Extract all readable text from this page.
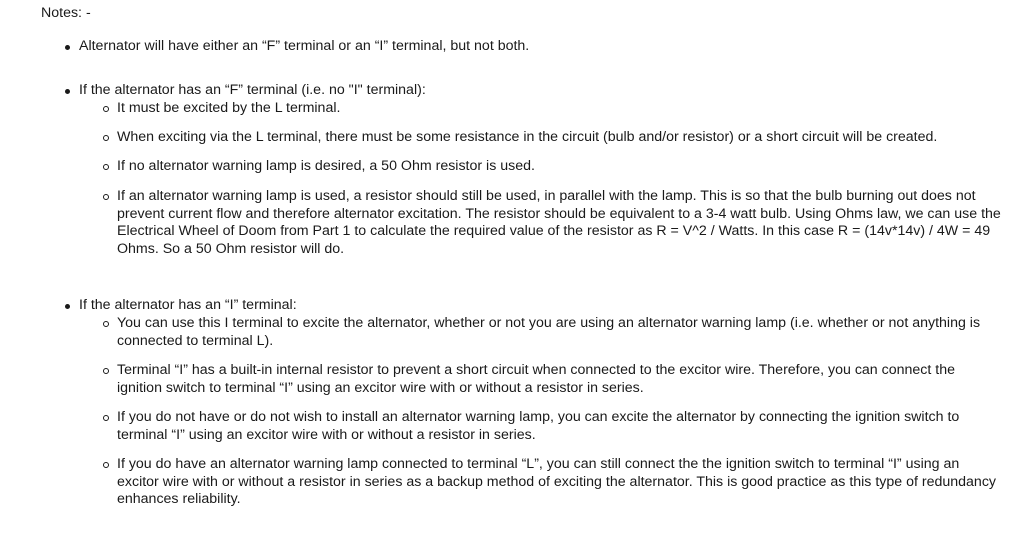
Notes: -

Alternator will have either an “F” terminal or an “I” terminal, but not both.

If the alternator has an “F” terminal (i.e. no "I" terminal):

It must be excited by the L terminal.

When exciting via the L terminal, there must be some resistance in the circuit (bulb and/or resistor) or a short circuit will be created.

If no alternator warning lamp is desired, a 50 Ohm resistor is used.

If an alternator warning lamp is used, a resistor should still be used, in parallel with the lamp. This is so that the bulb burning out does not prevent current flow and therefore alternator excitation. The resistor should be equivalent to a 3-4 watt bulb. Using Ohms law, we can use the Electrical Wheel of Doom from Part 1 to calculate the required value of the resistor as R = V^2 / Watts. In this case R = (14v*14v) / 4W = 49 Ohms. So a 50 Ohm resistor will do.

If the alternator has an “I” terminal:

You can use this I terminal to excite the alternator, whether or not you are using an alternator warning lamp (i.e. whether or not anything is connected to terminal L).

Terminal “I” has a built-in internal resistor to prevent a short circuit when connected to the excitor wire. Therefore, you can connect the ignition switch to terminal “I” using an excitor wire with or without a resistor in series.

If you do not have or do not wish to install an alternator warning lamp, you can excite the alternator by connecting the ignition switch to terminal “I” using an excitor wire with or without a resistor in series.

If you do have an alternator warning lamp connected to terminal “L”, you can still connect the the ignition switch to terminal “I” using an excitor wire with or without a resistor in series as a backup method of exciting the alternator. This is good practice as this type of redundancy enhances reliability.
